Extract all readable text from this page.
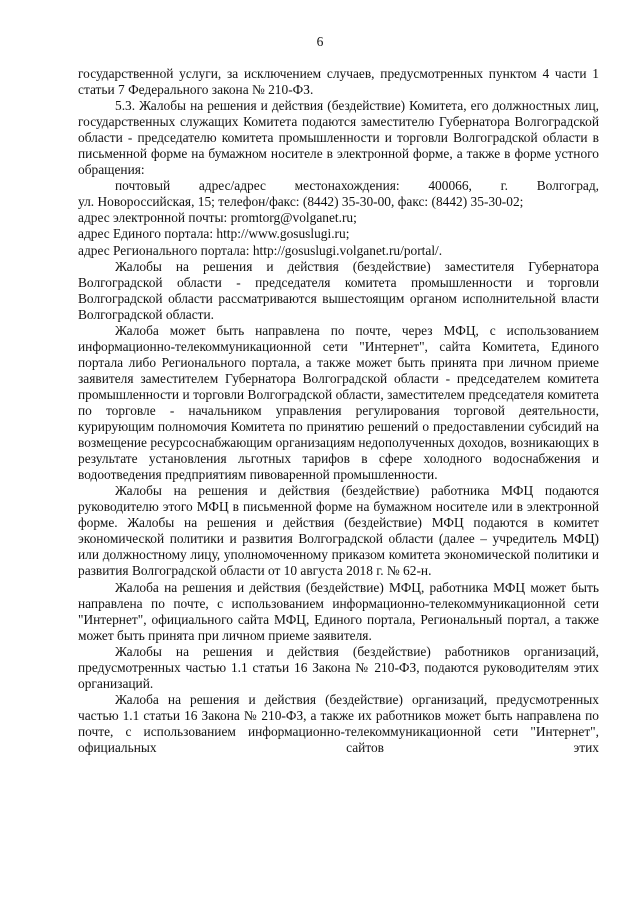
6

государственной услуги, за исключением случаев, предусмотренных пунктом 4 части 1 статьи 7 Федерального закона № 210-ФЗ.

5.3. Жалобы на решения и действия (бездействие) Комитета, его должностных лиц, государственных служащих Комитета подаются заместителю Губернатора Волгоградской области - председателю комитета промышленности и торговли Волгоградской области в письменной форме на бумажном носителе в электронной форме, а также в форме устного обращения:

почтовый адрес/адрес местонахождения: 400066, г. Волгоград,

ул. Новороссийская, 15; телефон/факс: (8442) 35-30-00, факс: (8442) 35-30-02;

адрес электронной почты: promtorg@volganet.ru;

адрес Единого портала: http://www.gosuslugi.ru;

адрес Регионального портала: http://gosuslugi.volganet.ru/portal/.

Жалобы на решения и действия (бездействие) заместителя Губернатора Волгоградской области - председателя комитета промышленности и торговли Волгоградской области рассматриваются вышестоящим органом исполнительной власти Волгоградской области.

Жалоба может быть направлена по почте, через МФЦ, с использованием информационно-телекоммуникационной сети "Интернет", сайта Комитета, Единого портала либо Регионального портала, а также может быть принята при личном приеме заявителя заместителем Губернатора Волгоградской области - председателем комитета промышленности и торговли Волгоградской области, заместителем председателя комитета по торговле - начальником управления регулирования торговой деятельности, курирующим полномочия Комитета по принятию решений о предоставлении субсидий на возмещение ресурсоснабжающим организациям недополученных доходов, возникающих в результате установления льготных тарифов в сфере холодного водоснабжения и водоотведения предприятиям пивоваренной промышленности.

Жалобы на решения и действия (бездействие) работника МФЦ подаются руководителю этого МФЦ в письменной форме на бумажном носителе или в электронной форме. Жалобы на решения и действия (бездействие) МФЦ подаются в комитет экономической политики и развития Волгоградской области (далее – учредитель МФЦ) или должностному лицу, уполномоченному приказом комитета экономической политики и развития Волгоградской области от 10 августа 2018 г. № 62-н.

Жалоба на решения и действия (бездействие) МФЦ, работника МФЦ может быть направлена по почте, с использованием информационно-телекоммуникационной сети "Интернет", официального сайта МФЦ, Единого портала, Региональный портал, а также может быть принята при личном приеме заявителя.

Жалобы на решения и действия (бездействие) работников организаций, предусмотренных частью 1.1 статьи 16 Закона № 210-ФЗ, подаются руководителям этих организаций.

Жалоба на решения и действия (бездействие) организаций, предусмотренных частью 1.1 статьи 16 Закона № 210-ФЗ, а также их работников может быть направлена по почте, с использованием информационно-телекоммуникационной сети "Интернет", официальных сайтов этих
